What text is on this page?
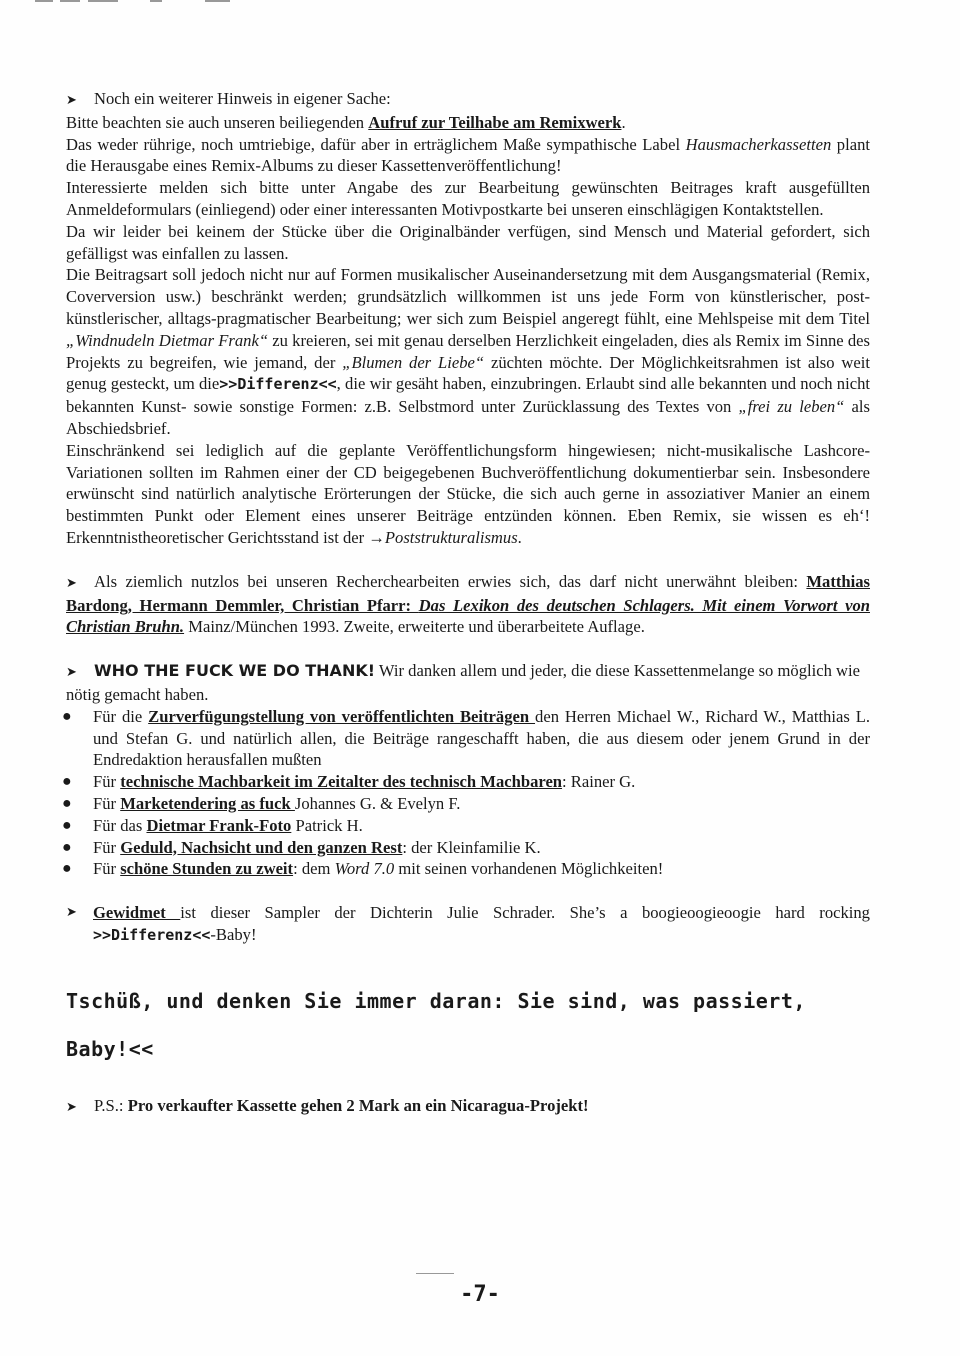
➤ Noch ein weiterer Hinweis in eigener Sache:

Bitte beachten sie auch unseren beiliegenden Aufruf zur Teilhabe am Remixwerk.

Das weder rührige, noch umtriebige, dafür aber in erträglichem Maße sympathische Label Hausmacherkassetten plant die Herausgabe eines Remix-Albums zu dieser Kassettenveröffentlichung!

Interessierte melden sich bitte unter Angabe des zur Bearbeitung gewünschten Beitrages kraft ausgefüllten Anmeldeformulars (einliegend) oder einer interessanten Motivpostkarte bei unseren einschlägigen Kontaktstellen.

Da wir leider bei keinem der Stücke über die Originalbänder verfügen, sind Mensch und Material gefordert, sich gefälligst was einfallen zu lassen.

Die Beitragsart soll jedoch nicht nur auf Formen musikalischer Auseinandersetzung mit dem Ausgangsmaterial (Remix, Coverversion usw.) beschränkt werden; grundsätzlich willkommen ist uns jede Form von künstlerischer, post-künstlerischer, alltags-pragmatischer Bearbeitung; wer sich zum Beispiel angeregt fühlt, eine Mehlspeise mit dem Titel „Windnudeln Dietmar Frank“ zu kreieren, sei mit genau derselben Herzlichkeit eingeladen, dies als Remix im Sinne des Projekts zu begreifen, wie jemand, der „Blumen der Liebe“ züchten möchte. Der Möglichkeitsrahmen ist also weit genug gesteckt, um die>>Differenz<<, die wir gesäht haben, einzubringen. Erlaubt sind alle bekannten und noch nicht bekannten Kunst- sowie sonstige Formen: z.B. Selbstmord unter Zurücklassung des Textes von „frei zu leben“ als Abschiedsbrief.

Einschränkend sei lediglich auf die geplante Veröffentlichungsform hingewiesen; nicht-musikalische Lashcore-Variationen sollten im Rahmen einer der CD beigegebenen Buchveröffentlichung dokumentierbar sein. Insbesondere erwünscht sind natürlich analytische Erörterungen der Stücke, die sich auch gerne in assoziativer Manier an einem bestimmten Punkt oder Element eines unserer Beiträge entzünden können. Eben Remix, sie wissen es eh‘! Erkenntnistheoretischer Gerichtsstand ist der →Poststrukturalismus.

➤ Als ziemlich nutzlos bei unseren Recherchearbeiten erwies sich, das darf nicht unerwähnt bleiben: Matthias Bardong, Hermann Demmler, Christian Pfarr: Das Lexikon des deutschen Schlagers. Mit einem Vorwort von Christian Bruhn. Mainz/München 1993. Zweite, erweiterte und überarbeitete Auflage.

➤ WHO THE FUCK WE DO THANK! Wir danken allem und jeder, die diese Kassettenmelange so möglich wie nötig gemacht haben.

● Für die Zurverfügungstellung von veröffentlichten Beiträgen den Herren Michael W., Richard W., Matthias L. und Stefan G. und natürlich allen, die Beiträge rangeschafft haben, die aus diesem oder jenem Grund in der Endredaktion herausfallen mußten
● Für technische Machbarkeit im Zeitalter des technisch Machbaren: Rainer G.
● Für Marketendering as fuck Johannes G. & Evelyn F.
● Für das Dietmar Frank-Foto Patrick H.
● Für Geduld, Nachsicht und den ganzen Rest: der Kleinfamilie K.
● Für schöne Stunden zu zweit: dem Word 7.0 mit seinen vorhandenen Möglichkeiten!

➤ Gewidmet ist dieser Sampler der Dichterin Julie Schrader. She’s a boogieoogieoogie hard rocking >>Differenz<<-Baby!

Tschüß, und denken Sie immer daran: Sie sind, was passiert,
Baby!<<

➤ P.S.: Pro verkaufter Kassette gehen 2 Mark an ein Nicaragua-Projekt!

-7-
